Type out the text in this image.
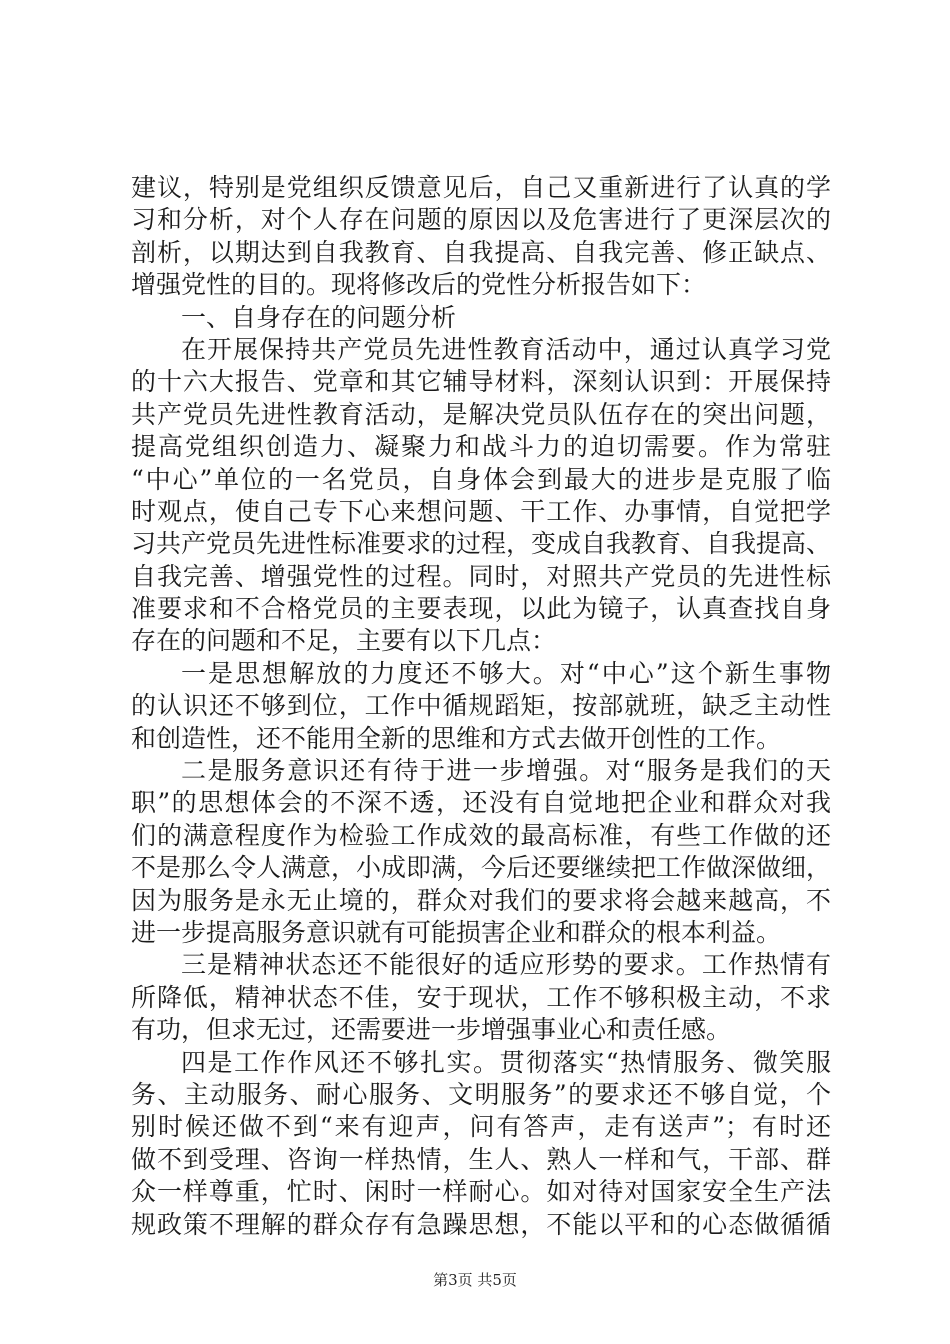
建议，特别是党组织反馈意见后，自己又重新进行了认真的学
习和分析，对个人存在问题的原因以及危害进行了更深层次的
剖析，以期达到自我教育、自我提高、自我完善、修正缺点、
增强党性的目的。现将修改后的党性分析报告如下：
一、自身存在的问题分析
在开展保持共产党员先进性教育活动中，通过认真学习党
的十六大报告、党章和其它辅导材料，深刻认识到：开展保持
共产党员先进性教育活动，是解决党员队伍存在的突出问题，
提高党组织创造力、凝聚力和战斗力的迫切需要。作为常驻
“中心”单位的一名党员，自身体会到最大的进步是克服了临
时观点，使自己专下心来想问题、干工作、办事情，自觉把学
习共产党员先进性标准要求的过程，变成自我教育、自我提高、
自我完善、增强党性的过程。同时，对照共产党员的先进性标
准要求和不合格党员的主要表现，以此为镜子，认真查找自身
存在的问题和不足，主要有以下几点：
一是思想解放的力度还不够大。对“中心”这个新生事物
的认识还不够到位，工作中循规蹈矩，按部就班，缺乏主动性
和创造性，还不能用全新的思维和方式去做开创性的工作。
二是服务意识还有待于进一步增强。对“服务是我们的天
职”的思想体会的不深不透，还没有自觉地把企业和群众对我
们的满意程度作为检验工作成效的最高标准，有些工作做的还
不是那么令人满意，小成即满，今后还要继续把工作做深做细，
因为服务是永无止境的，群众对我们的要求将会越来越高，不
进一步提高服务意识就有可能损害企业和群众的根本利益。
三是精神状态还不能很好的适应形势的要求。工作热情有
所降低，精神状态不佳，安于现状，工作不够积极主动，不求
有功，但求无过，还需要进一步增强事业心和责任感。
四是工作作风还不够扎实。贯彻落实“热情服务、微笑服
务、主动服务、耐心服务、文明服务”的要求还不够自觉，个
别时候还做不到“来有迎声，问有答声，走有送声”；有时还
做不到受理、咨询一样热情，生人、熟人一样和气，干部、群
众一样尊重，忙时、闲时一样耐心。如对待对国家安全生产法
规政策不理解的群众存有急躁思想，不能以平和的心态做循循
第3页 共5页
